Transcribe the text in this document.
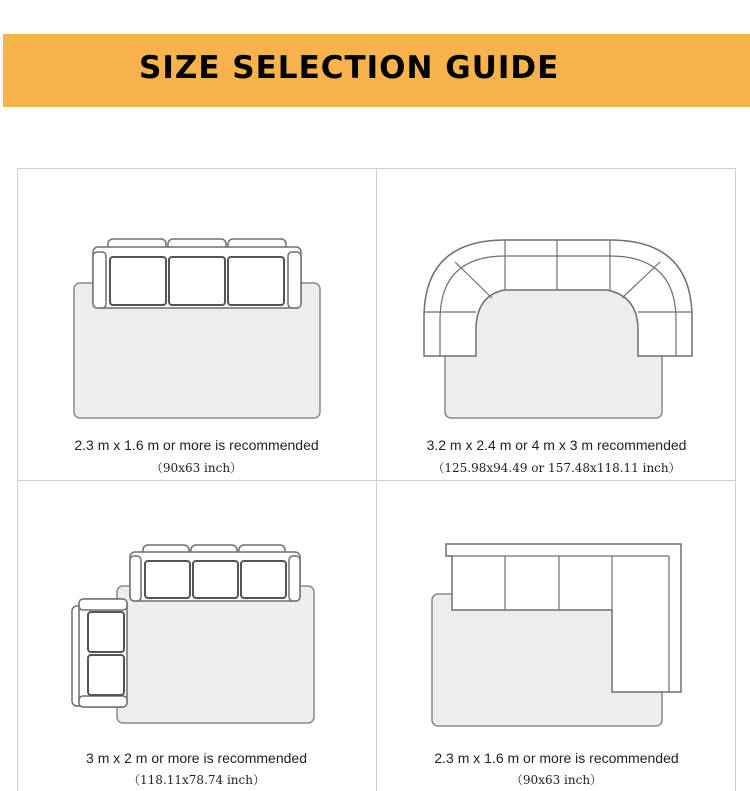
SIZE SELECTION GUIDE
2.3 m x 1.6 m or more is recommended
（90x63 inch）
3.2 m x 2.4 m or 4 m x 3 m recommended
（125.98x94.49 or 157.48x118.11 inch）
3 m x 2 m or more is recommended
（118.11x78.74 inch）
2.3 m x 1.6 m or more is recommended
（90x63 inch）
